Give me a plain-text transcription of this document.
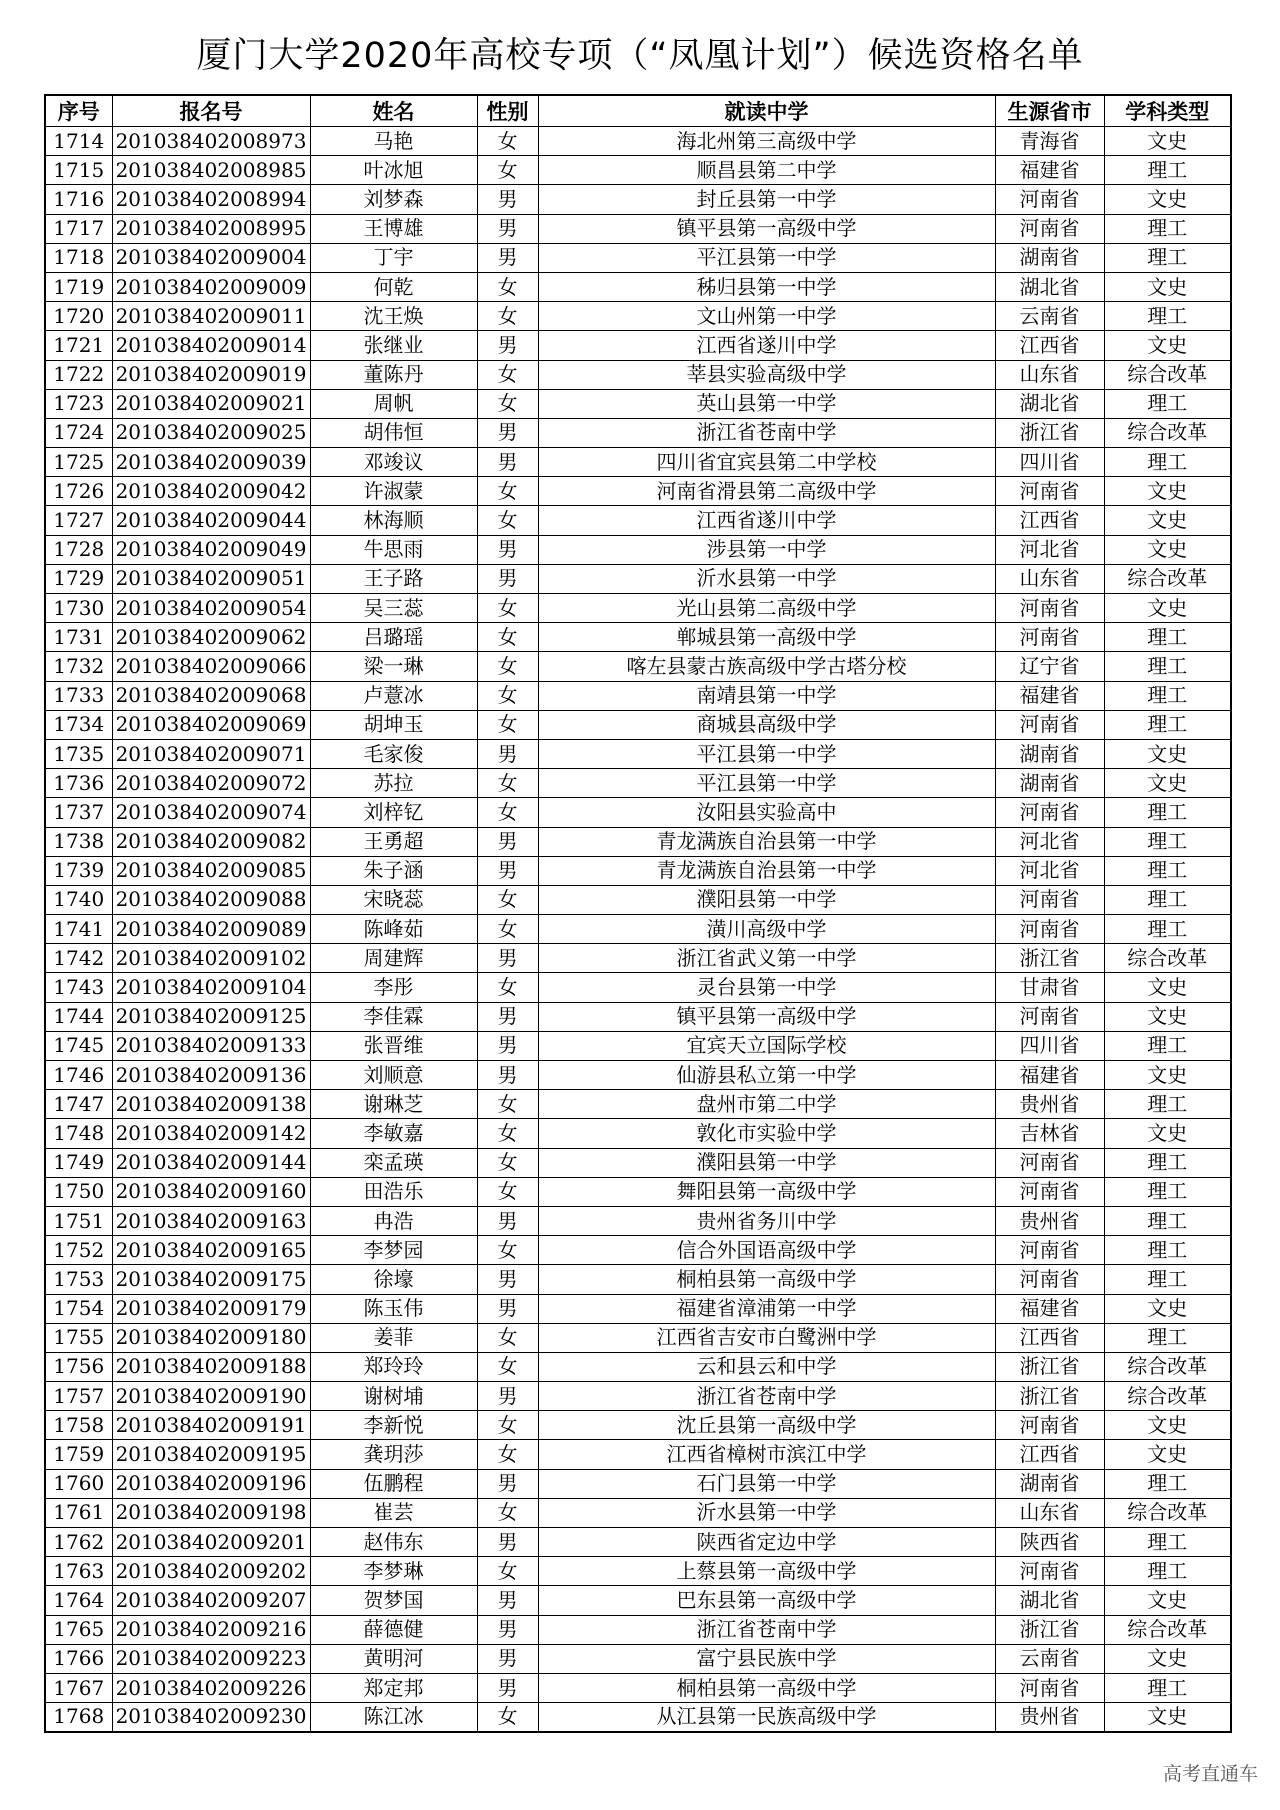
厦门大学2020年高校专项（“凤凰计划”）候选资格名单
序号	报名号	姓名	性别	就读中学	生源省市	学科类型
1714	201038402008973	马艳	女	海北州第三高级中学	青海省	文史
1715	201038402008985	叶冰旭	女	顺昌县第二中学	福建省	理工
1716	201038402008994	刘梦森	男	封丘县第一中学	河南省	文史
1717	201038402008995	王博雄	男	镇平县第一高级中学	河南省	理工
1718	201038402009004	丁宇	男	平江县第一中学	湖南省	理工
1719	201038402009009	何乾	女	秭归县第一中学	湖北省	文史
1720	201038402009011	沈王焕	女	文山州第一中学	云南省	理工
1721	201038402009014	张继业	男	江西省遂川中学	江西省	文史
1722	201038402009019	董陈丹	女	莘县实验高级中学	山东省	综合改革
1723	201038402009021	周帆	女	英山县第一中学	湖北省	理工
1724	201038402009025	胡伟恒	男	浙江省苍南中学	浙江省	综合改革
1725	201038402009039	邓竣议	男	四川省宜宾县第二中学校	四川省	理工
1726	201038402009042	许淑蒙	女	河南省滑县第二高级中学	河南省	文史
1727	201038402009044	林海顺	女	江西省遂川中学	江西省	文史
1728	201038402009049	牛思雨	男	涉县第一中学	河北省	文史
1729	201038402009051	王子路	男	沂水县第一中学	山东省	综合改革
1730	201038402009054	吴三蕊	女	光山县第二高级中学	河南省	文史
1731	201038402009062	吕璐瑶	女	郸城县第一高级中学	河南省	理工
1732	201038402009066	梁一琳	女	喀左县蒙古族高级中学古塔分校	辽宁省	理工
1733	201038402009068	卢薏冰	女	南靖县第一中学	福建省	理工
1734	201038402009069	胡坤玉	女	商城县高级中学	河南省	理工
1735	201038402009071	毛家俊	男	平江县第一中学	湖南省	文史
1736	201038402009072	苏拉	女	平江县第一中学	湖南省	文史
1737	201038402009074	刘梓钇	女	汝阳县实验高中	河南省	理工
1738	201038402009082	王勇超	男	青龙满族自治县第一中学	河北省	理工
1739	201038402009085	朱子涵	男	青龙满族自治县第一中学	河北省	理工
1740	201038402009088	宋晓蕊	女	濮阳县第一中学	河南省	理工
1741	201038402009089	陈峰茹	女	潢川高级中学	河南省	理工
1742	201038402009102	周建辉	男	浙江省武义第一中学	浙江省	综合改革
1743	201038402009104	李彤	女	灵台县第一中学	甘肃省	文史
1744	201038402009125	李佳霖	男	镇平县第一高级中学	河南省	文史
1745	201038402009133	张晋维	男	宜宾天立国际学校	四川省	理工
1746	201038402009136	刘顺意	男	仙游县私立第一中学	福建省	文史
1747	201038402009138	谢琳芝	女	盘州市第二中学	贵州省	理工
1748	201038402009142	李敏嘉	女	敦化市实验中学	吉林省	文史
1749	201038402009144	栾孟瑛	女	濮阳县第一中学	河南省	理工
1750	201038402009160	田浩乐	女	舞阳县第一高级中学	河南省	理工
1751	201038402009163	冉浩	男	贵州省务川中学	贵州省	理工
1752	201038402009165	李梦园	女	信合外国语高级中学	河南省	理工
1753	201038402009175	徐壕	男	桐柏县第一高级中学	河南省	理工
1754	201038402009179	陈玉伟	男	福建省漳浦第一中学	福建省	文史
1755	201038402009180	姜菲	女	江西省吉安市白鹭洲中学	江西省	理工
1756	201038402009188	郑玲玲	女	云和县云和中学	浙江省	综合改革
1757	201038402009190	谢树埔	男	浙江省苍南中学	浙江省	综合改革
1758	201038402009191	李新悦	女	沈丘县第一高级中学	河南省	文史
1759	201038402009195	龚玥莎	女	江西省樟树市滨江中学	江西省	文史
1760	201038402009196	伍鹏程	男	石门县第一中学	湖南省	理工
1761	201038402009198	崔芸	女	沂水县第一中学	山东省	综合改革
1762	201038402009201	赵伟东	男	陕西省定边中学	陕西省	理工
1763	201038402009202	李梦琳	女	上蔡县第一高级中学	河南省	理工
1764	201038402009207	贺梦国	男	巴东县第一高级中学	湖北省	文史
1765	201038402009216	薛德健	男	浙江省苍南中学	浙江省	综合改革
1766	201038402009223	黄明河	男	富宁县民族中学	云南省	文史
1767	201038402009226	郑定邦	男	桐柏县第一高级中学	河南省	理工
1768	201038402009230	陈江冰	女	从江县第一民族高级中学	贵州省	文史
高考直通车
